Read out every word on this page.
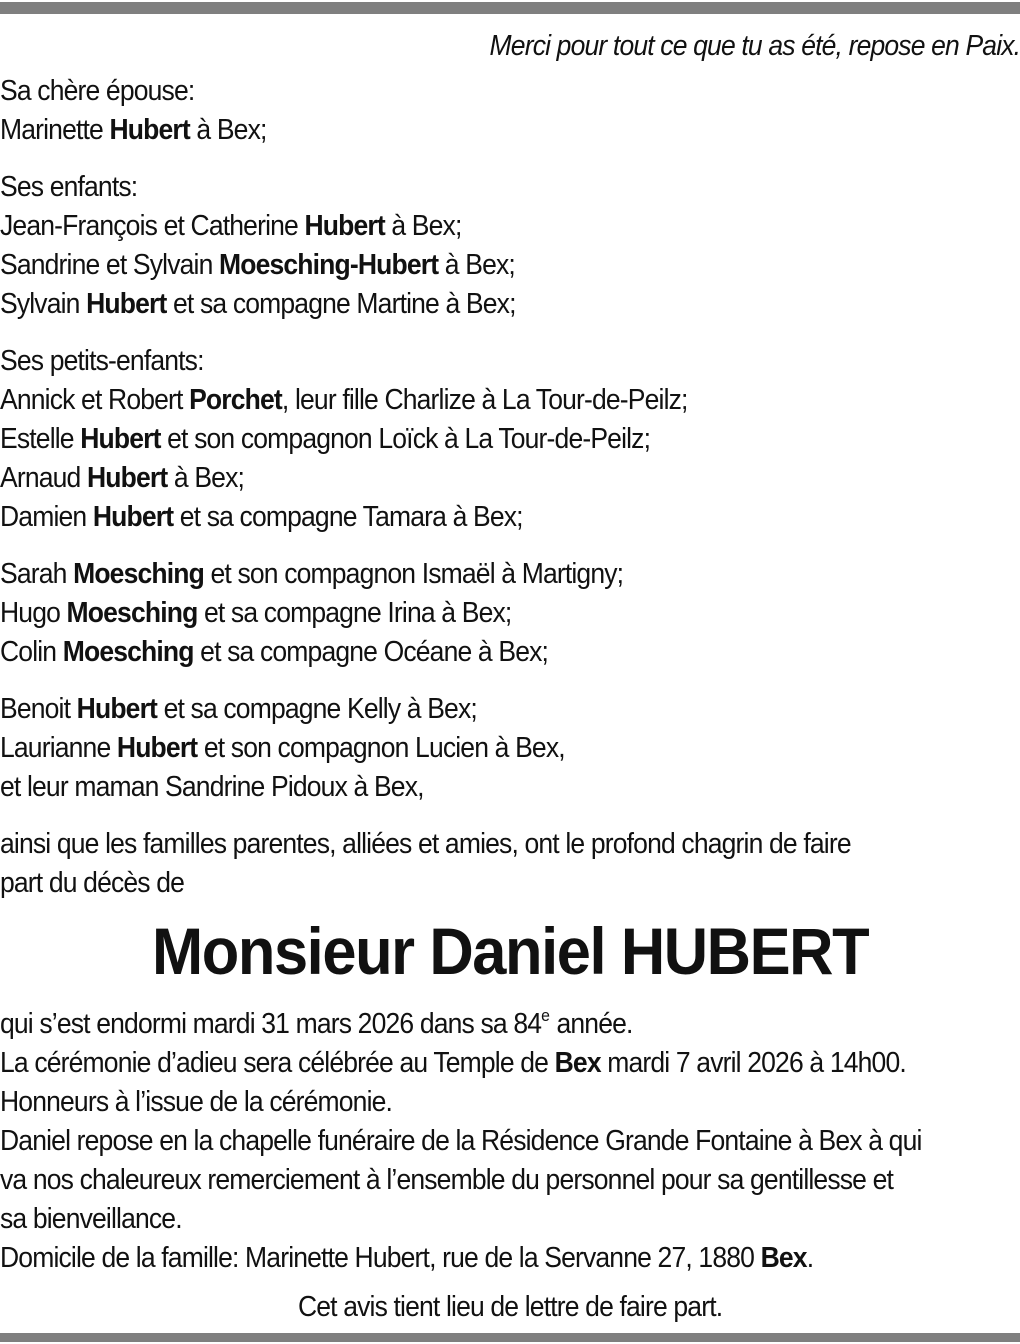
Merci pour tout ce que tu as été, repose en Paix.
Sa chère épouse:
Marinette Hubert à Bex;
Ses enfants:
Jean-François et Catherine Hubert à Bex;
Sandrine et Sylvain Moesching-Hubert à Bex;
Sylvain Hubert et sa compagne Martine à Bex;
Ses petits-enfants:
Annick et Robert Porchet, leur fille Charlize à La Tour-de-Peilz;
Estelle Hubert et son compagnon Loïck à La Tour-de-Peilz;
Arnaud Hubert à Bex;
Damien Hubert et sa compagne Tamara à Bex;
Sarah Moesching et son compagnon Ismaël à Martigny;
Hugo Moesching et sa compagne Irina à Bex;
Colin Moesching et sa compagne Océane à Bex;
Benoit Hubert et sa compagne Kelly à Bex;
Laurianne Hubert et son compagnon Lucien à Bex,
et leur maman Sandrine Pidoux à Bex,
ainsi que les familles parentes, alliées et amies, ont le profond chagrin de faire
part du décès de
Monsieur Daniel HUBERT
qui s’est endormi mardi 31 mars 2026 dans sa 84e année.
La cérémonie d’adieu sera célébrée au Temple de Bex mardi 7 avril 2026 à 14h00.
Honneurs à l’issue de la cérémonie.
Daniel repose en la chapelle funéraire de la Résidence Grande Fontaine à Bex à qui
va nos chaleureux remerciement à l’ensemble du personnel pour sa gentillesse et
sa bienveillance.
Domicile de la famille: Marinette Hubert, rue de la Servanne 27, 1880 Bex.
Cet avis tient lieu de lettre de faire part.
